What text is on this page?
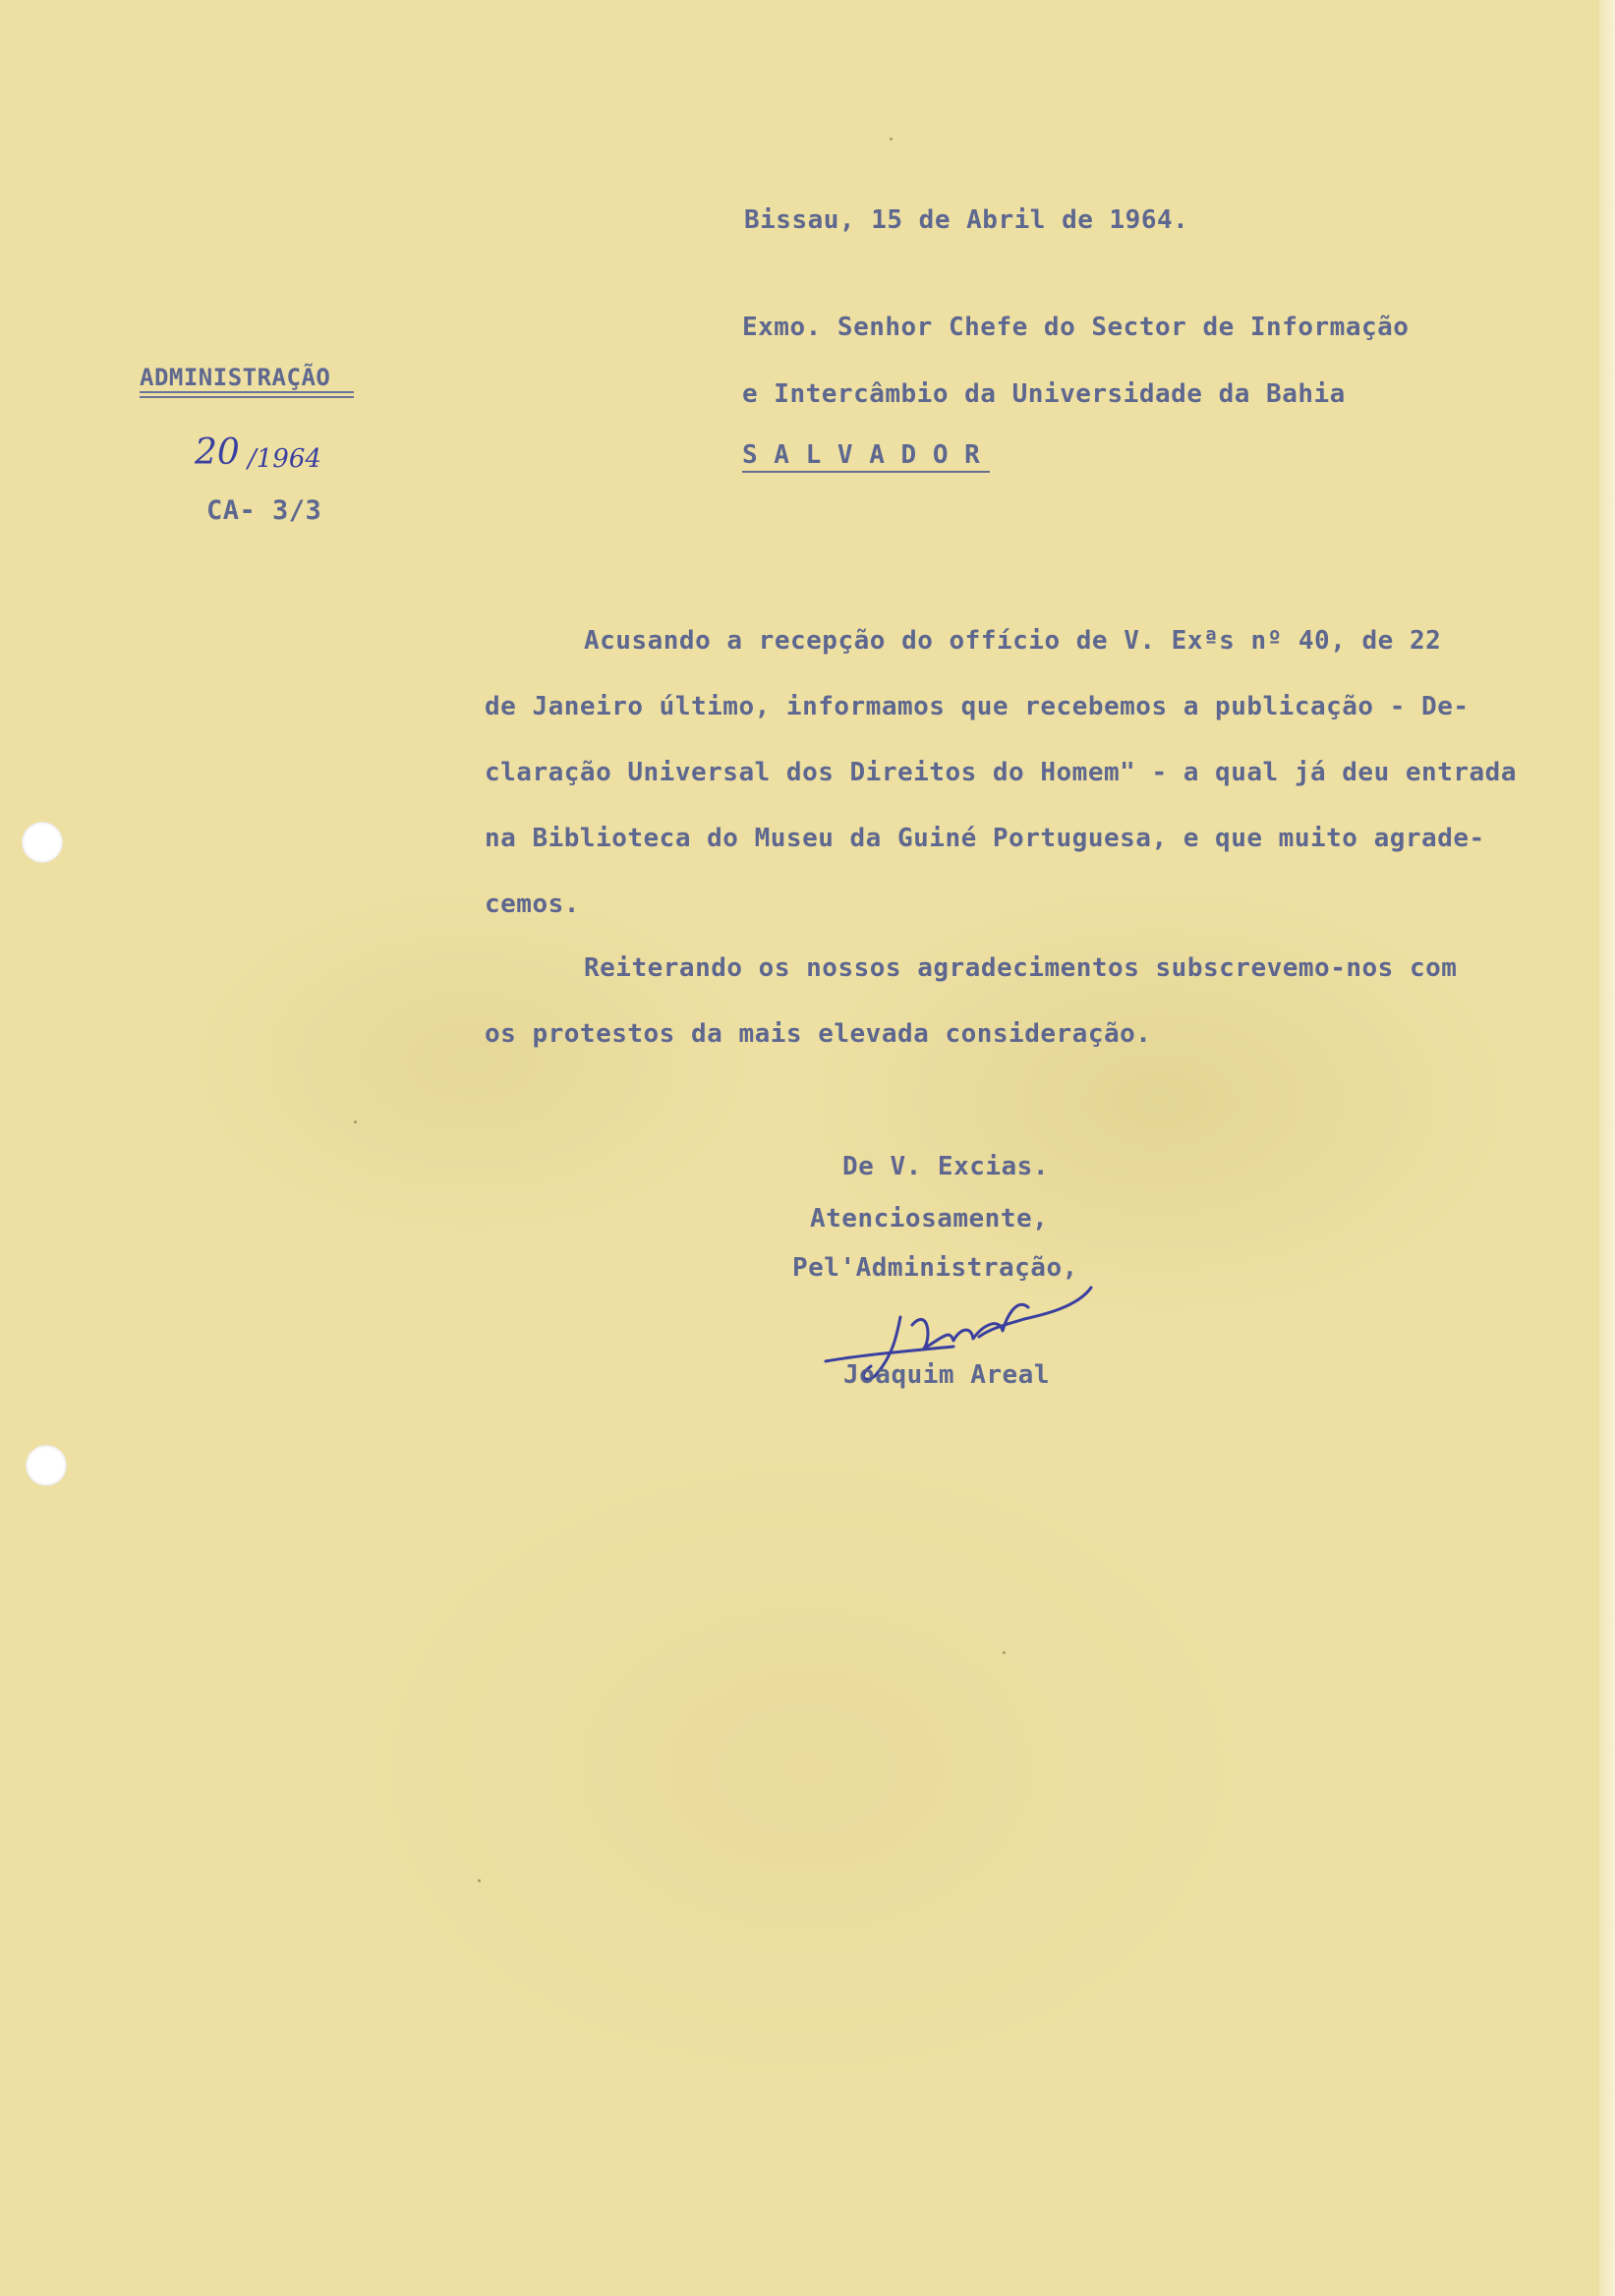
Bissau, 15 de Abril de 1964.
Exmo. Senhor Chefe do Sector de Informação
e Intercâmbio da Universidade da Bahia
S A L V A D O R
ADMINISTRAÇÃO
20 /1964
CA- 3/3
Acusando a recepção do offício de V. Exªs nº 40, de 22
de Janeiro último, informamos que recebemos a publicação - De-
claração Universal dos Direitos do Homem" - a qual já deu entrada
na Biblioteca do Museu da Guiné Portuguesa, e que muito agrade-
cemos.
Reiterando os nossos agradecimentos subscrevemo-nos com
os protestos da mais elevada consideração.
De V. Excias.
Atenciosamente,
Pel'Administração,
Joaquim Areal
